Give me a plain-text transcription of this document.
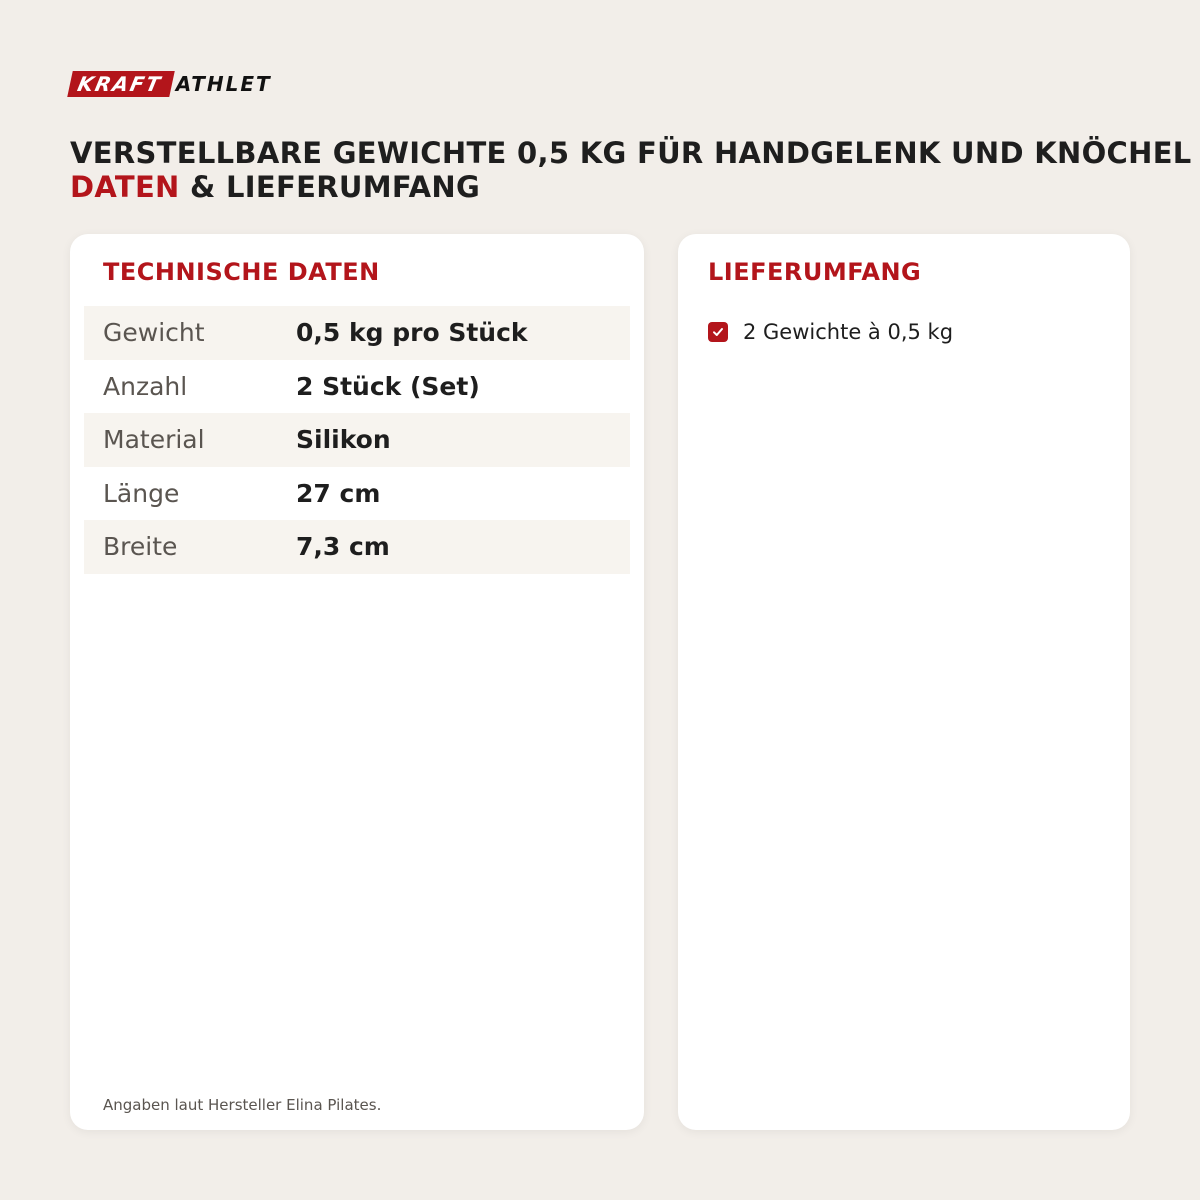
KRAFT ATHLET
VERSTELLBARE GEWICHTE 0,5 KG FÜR HANDGELENK UND KNÖCHEL
DATEN & LIEFERUMFANG
TECHNISCHE DATEN
Gewicht	0,5 kg pro Stück
Anzahl	2 Stück (Set)
Material	Silikon
Länge	27 cm
Breite	7,3 cm
Angaben laut Hersteller Elina Pilates.
LIEFERUMFANG
2 Gewichte à 0,5 kg
